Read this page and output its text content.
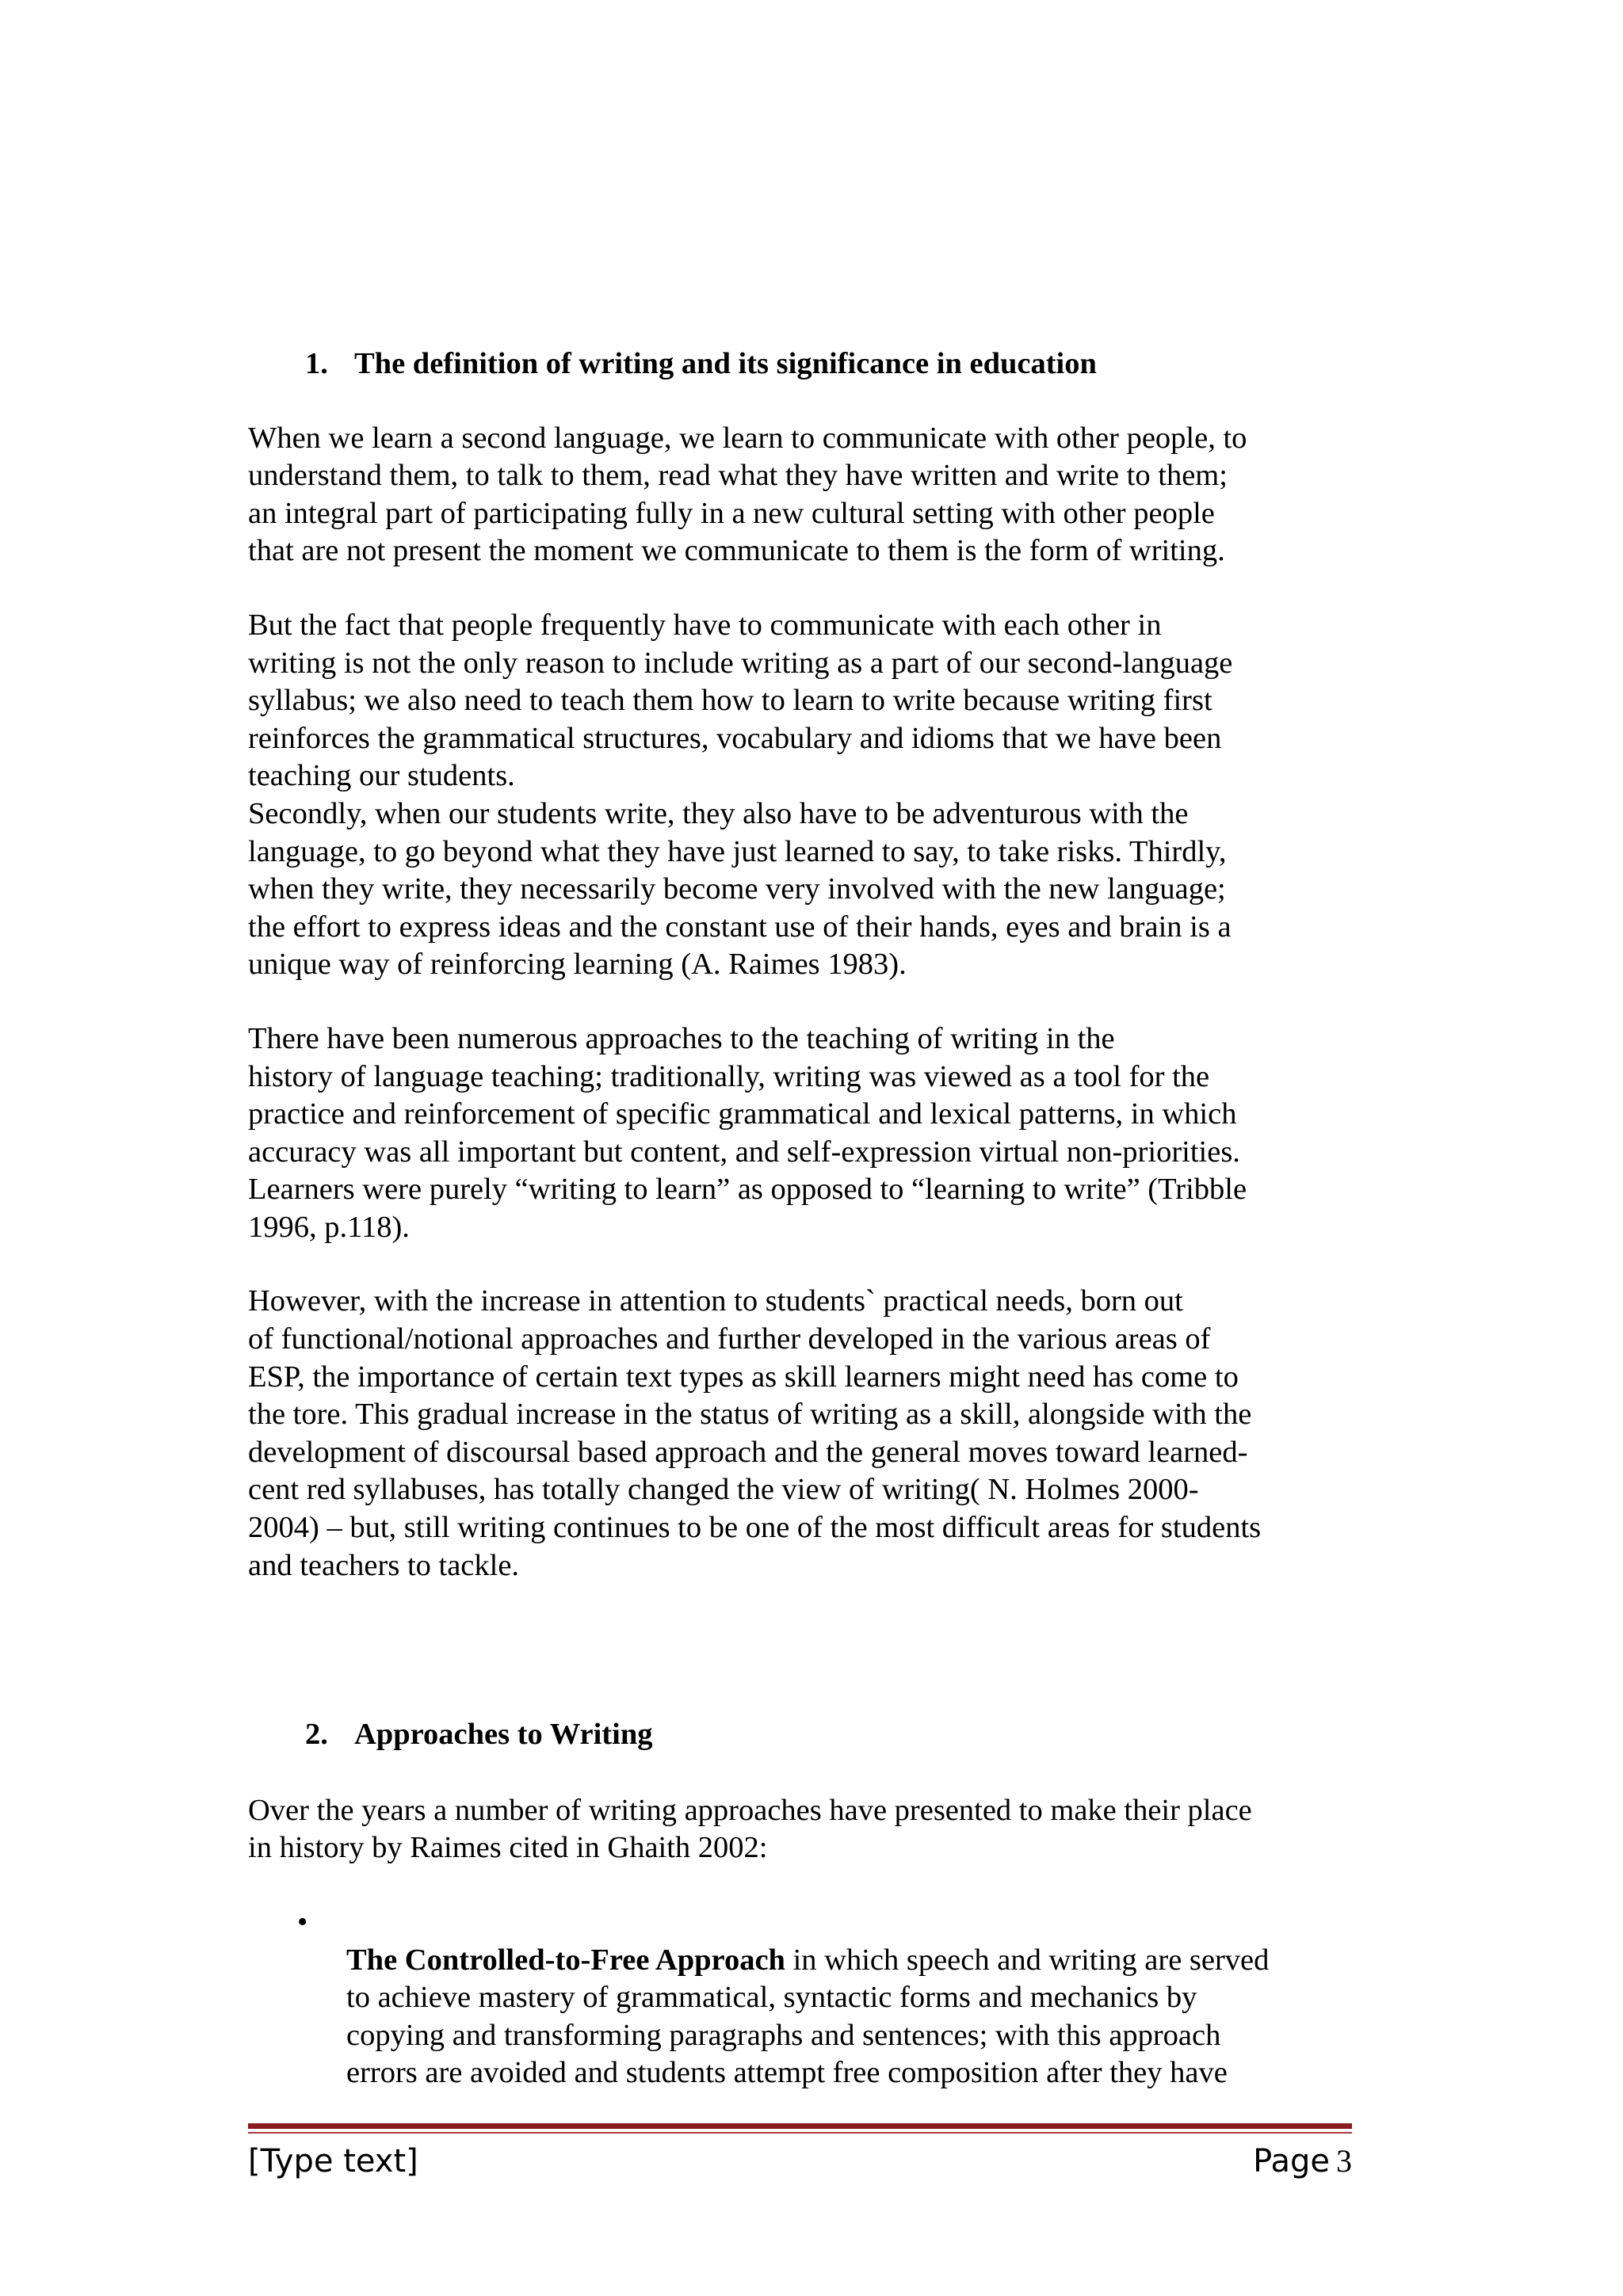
1. The definition of writing and its significance in education

When we learn a second language, we learn to communicate with other people, to
understand them, to talk to them, read what they have written and write to them;
an integral part of participating fully in a new cultural setting with other people
that are not present the moment we communicate to them is the form of writing.

But the fact that people frequently have to communicate with each other in
writing is not the only reason to include writing as a part of our second-language
syllabus; we also need to teach them how to learn to write because writing first
reinforces the grammatical structures, vocabulary and idioms that we have been
teaching our students.
Secondly, when our students write, they also have to be adventurous with the
language, to go beyond what they have just learned to say, to take risks. Thirdly,
when they write, they necessarily become very involved with the new language;
the effort to express ideas and the constant use of their hands, eyes and brain is a
unique way of reinforcing learning (A. Raimes 1983).

There have been numerous approaches to the teaching of writing in the
history of language teaching; traditionally, writing was viewed as a tool for the
practice and reinforcement of specific grammatical and lexical patterns, in which
accuracy was all important but content, and self-expression virtual non-priorities.
Learners were purely “writing to learn” as opposed to “learning to write” (Tribble
1996, p.118).

However, with the increase in attention to students` practical needs, born out
of functional/notional approaches and further developed in the various areas of
ESP, the importance of certain text types as skill learners might need has come to
the tore. This gradual increase in the status of writing as a skill, alongside with the
development of discoursal based approach and the general moves toward learned-
cent red syllabuses, has totally changed the view of writing( N. Holmes 2000-
2004) – but, still writing continues to be one of the most difficult areas for students
and teachers to tackle.

2. Approaches to Writing

Over the years a number of writing approaches have presented to make their place
in history by Raimes cited in Ghaith 2002:

•
The Controlled-to-Free Approach in which speech and writing are served
to achieve mastery of grammatical, syntactic forms and mechanics by
copying and transforming paragraphs and sentences; with this approach
errors are avoided and students attempt free composition after they have

[Type text]	Page 3
